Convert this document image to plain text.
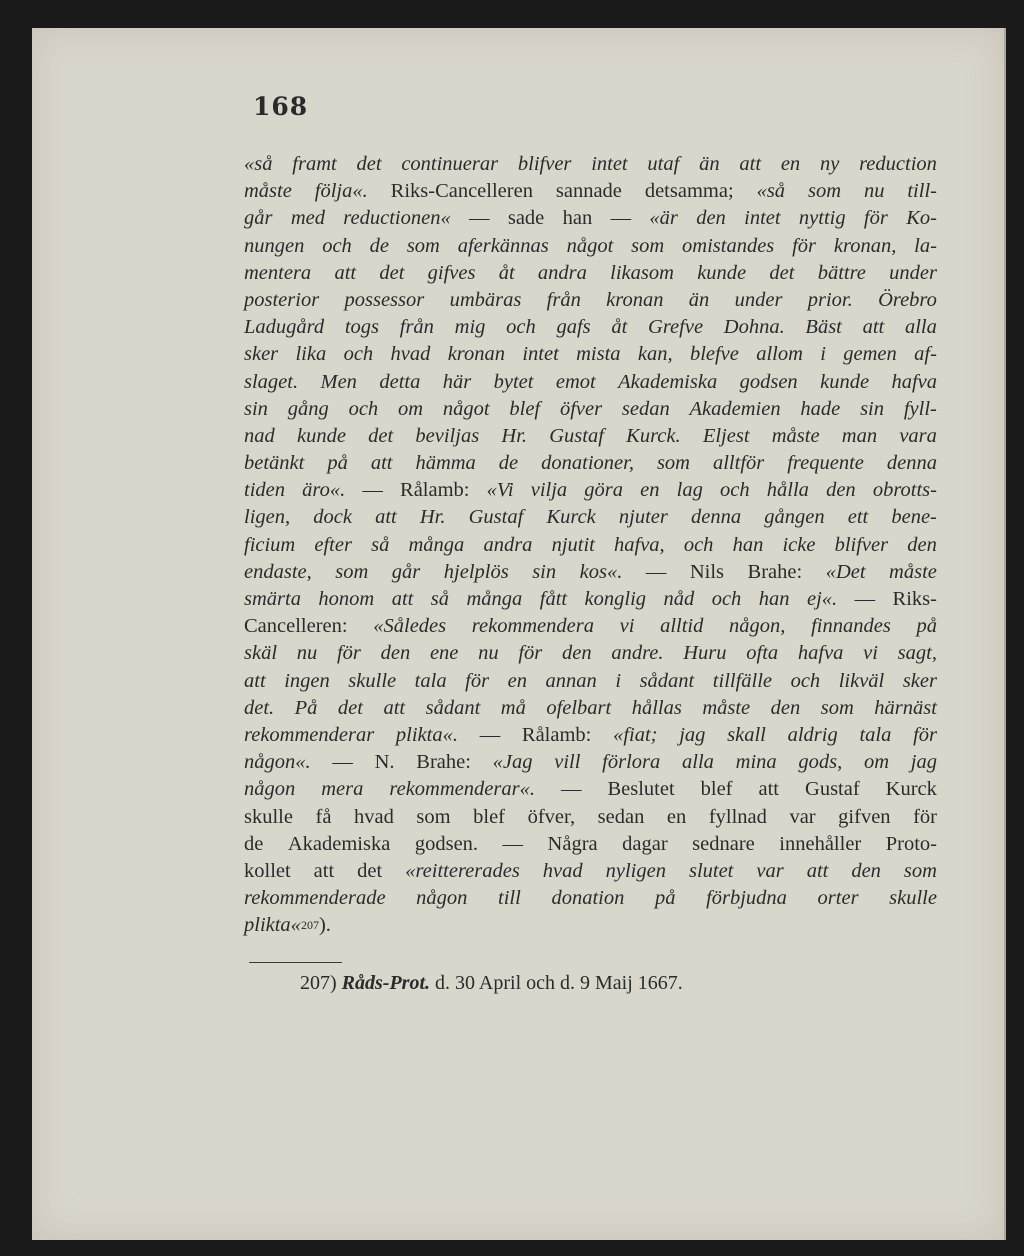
168
«så framt det continuerar blifver intet utaf än att en ny reduction
måste följa«. Riks-Cancelleren sannade detsamma; «så som nu till-
går med reductionen« — sade han — «är den intet nyttig för Ko-
nungen och de som aferkännas något som omistandes för kronan, la-
mentera att det gifves åt andra likasom kunde det bättre under
posterior possessor umbäras från kronan än under prior. Örebro
Ladugård togs från mig och gafs åt Grefve Dohna. Bäst att alla
sker lika och hvad kronan intet mista kan, blefve allom i gemen af-
slaget. Men detta här bytet emot Akademiska godsen kunde hafva
sin gång och om något blef öfver sedan Akademien hade sin fyll-
nad kunde det beviljas Hr. Gustaf Kurck. Eljest måste man vara
betänkt på att hämma de donationer, som alltför frequente denna
tiden äro«. — Rålamb: «Vi vilja göra en lag och hålla den obrotts-
ligen, dock att Hr. Gustaf Kurck njuter denna gången ett bene-
ficium efter så många andra njutit hafva, och han icke blifver den
endaste, som går hjelplös sin kos«. — Nils Brahe: «Det måste
smärta honom att så många fått konglig nåd och han ej«. — Riks-
Cancelleren: «Således rekommendera vi alltid någon, finnandes på
skäl nu för den ene nu för den andre. Huru ofta hafva vi sagt,
att ingen skulle tala för en annan i sådant tillfälle och likväl sker
det. På det att sådant må ofelbart hållas måste den som härnäst
rekommenderar plikta«. — Rålamb: «fiat; jag skall aldrig tala för
någon«. — N. Brahe: «Jag vill förlora alla mina gods, om jag
någon mera rekommenderar«. — Beslutet blef att Gustaf Kurck
skulle få hvad som blef öfver, sedan en fyllnad var gifven för
de Akademiska godsen. — Några dagar sednare innehåller Proto-
kollet att det «reittererades hvad nyligen slutet var att den som
rekommenderade någon till donation på förbjudna orter skulle
plikta« 207 ).
207) Råds-Prot. d. 30 April och d. 9 Maij 1667.
